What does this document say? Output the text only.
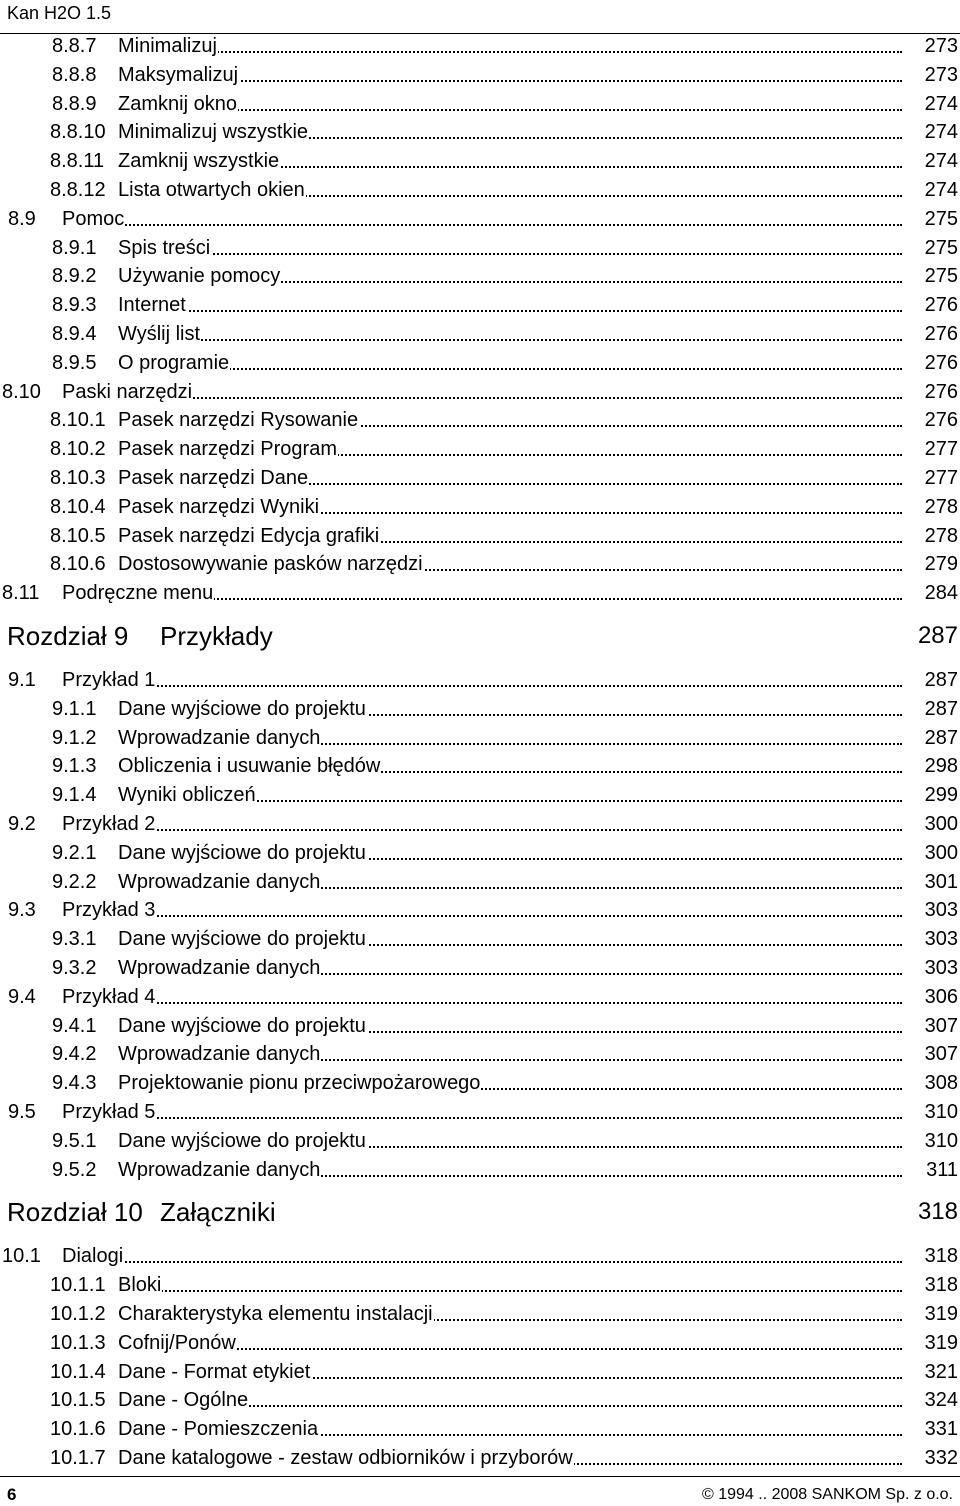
Kan H2O 1.5
8.8.7 Minimalizuj	273
8.8.8 Maksymalizuj	273
8.8.9 Zamknij okno	274
8.8.10 Minimalizuj wszystkie	274
8.8.11 Zamknij wszystkie	274
8.8.12 Lista otwartych okien	274
8.9 Pomoc	275
8.9.1 Spis treści	275
8.9.2 Używanie pomocy	275
8.9.3 Internet	276
8.9.4 Wyślij list	276
8.9.5 O programie	276
8.10 Paski narzędzi	276
8.10.1 Pasek narzędzi Rysowanie	276
8.10.2 Pasek narzędzi Program	277
8.10.3 Pasek narzędzi Dane	277
8.10.4 Pasek narzędzi Wyniki	278
8.10.5 Pasek narzędzi Edycja grafiki	278
8.10.6 Dostosowywanie pasków narzędzi	279
8.11 Podręczne menu	284
Rozdział 9 Przykłady	287
9.1 Przykład 1	287
9.1.1 Dane wyjściowe do projektu	287
9.1.2 Wprowadzanie danych	287
9.1.3 Obliczenia i usuwanie błędów	298
9.1.4 Wyniki obliczeń	299
9.2 Przykład 2	300
9.2.1 Dane wyjściowe do projektu	300
9.2.2 Wprowadzanie danych	301
9.3 Przykład 3	303
9.3.1 Dane wyjściowe do projektu	303
9.3.2 Wprowadzanie danych	303
9.4 Przykład 4	306
9.4.1 Dane wyjściowe do projektu	307
9.4.2 Wprowadzanie danych	307
9.4.3 Projektowanie pionu przeciwpożarowego	308
9.5 Przykład 5	310
9.5.1 Dane wyjściowe do projektu	310
9.5.2 Wprowadzanie danych	311
Rozdział 10 Załączniki	318
10.1 Dialogi	318
10.1.1 Bloki	318
10.1.2 Charakterystyka elementu instalacji	319
10.1.3 Cofnij/Ponów	319
10.1.4 Dane - Format etykiet	321
10.1.5 Dane - Ogólne	324
10.1.6 Dane - Pomieszczenia	331
10.1.7 Dane katalogowe - zestaw odbiorników i przyborów	332
6	© 1994 .. 2008 SANKOM Sp. z o.o.
